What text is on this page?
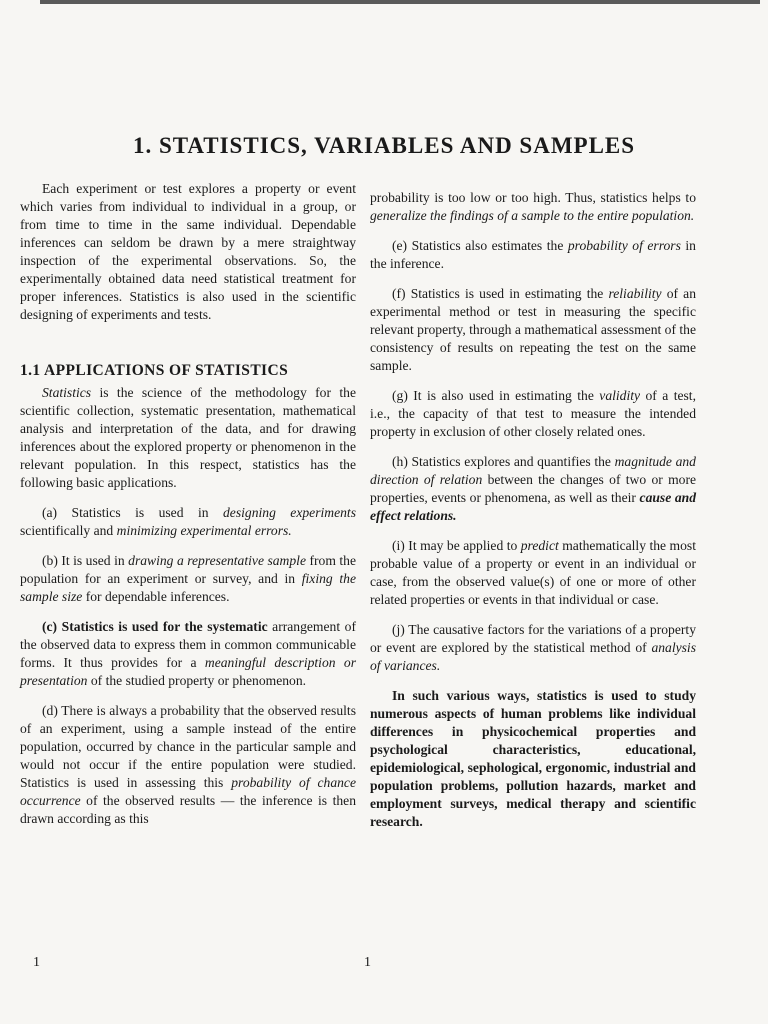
1. STATISTICS, VARIABLES AND SAMPLES

Each experiment or test explores a property or event which varies from individual to individual in a group, or from time to time in the same individual. Dependable inferences can seldom be drawn by a mere straightway inspection of the experimental observations. So, the experimentally obtained data need statistical treatment for proper inferences. Statistics is also used in the scientific designing of experiments and tests.

1.1 APPLICATIONS OF STATISTICS

Statistics is the science of the methodology for the scientific collection, systematic presentation, mathematical analysis and interpretation of the data, and for drawing inferences about the explored property or phenomenon in the relevant population. In this respect, statistics has the following basic applications.

(a) Statistics is used in designing experiments scientifically and minimizing experimental errors.

(b) It is used in drawing a representative sample from the population for an experiment or survey, and in fixing the sample size for dependable inferences.

(c) Statistics is used for the systematic arrangement of the observed data to express them in common communicable forms. It thus provides for a meaningful description or presentation of the studied property or phenomenon.

(d) There is always a probability that the observed results of an experiment, using a sample instead of the entire population, occurred by chance in the particular sample and would not occur if the entire population were studied. Statistics is used in assessing this probability of chance occurrence of the observed results — the inference is then drawn according as this

probability is too low or too high. Thus, statistics helps to generalize the findings of a sample to the entire population.

(e) Statistics also estimates the probability of errors in the inference.

(f) Statistics is used in estimating the reliability of an experimental method or test in measuring the specific relevant property, through a mathematical assessment of the consistency of results on repeating the test on the same sample.

(g) It is also used in estimating the validity of a test, i.e., the capacity of that test to measure the intended property in exclusion of other closely related ones.

(h) Statistics explores and quantifies the magnitude and direction of relation between the changes of two or more properties, events or phenomena, as well as their cause and effect relations.

(i) It may be applied to predict mathematically the most probable value of a property or event in an individual or case, from the observed value(s) of one or more of other related properties or events in that individual or case.

(j) The causative factors for the variations of a property or event are explored by the statistical method of analysis of variances.

In such various ways, statistics is used to study numerous aspects of human problems like individual differences in physicochemical properties and psychological characteristics, educational, epidemiological, sephological, ergonomic, industrial and population problems, pollution hazards, market and employment surveys, medical therapy and scientific research.

1	1
